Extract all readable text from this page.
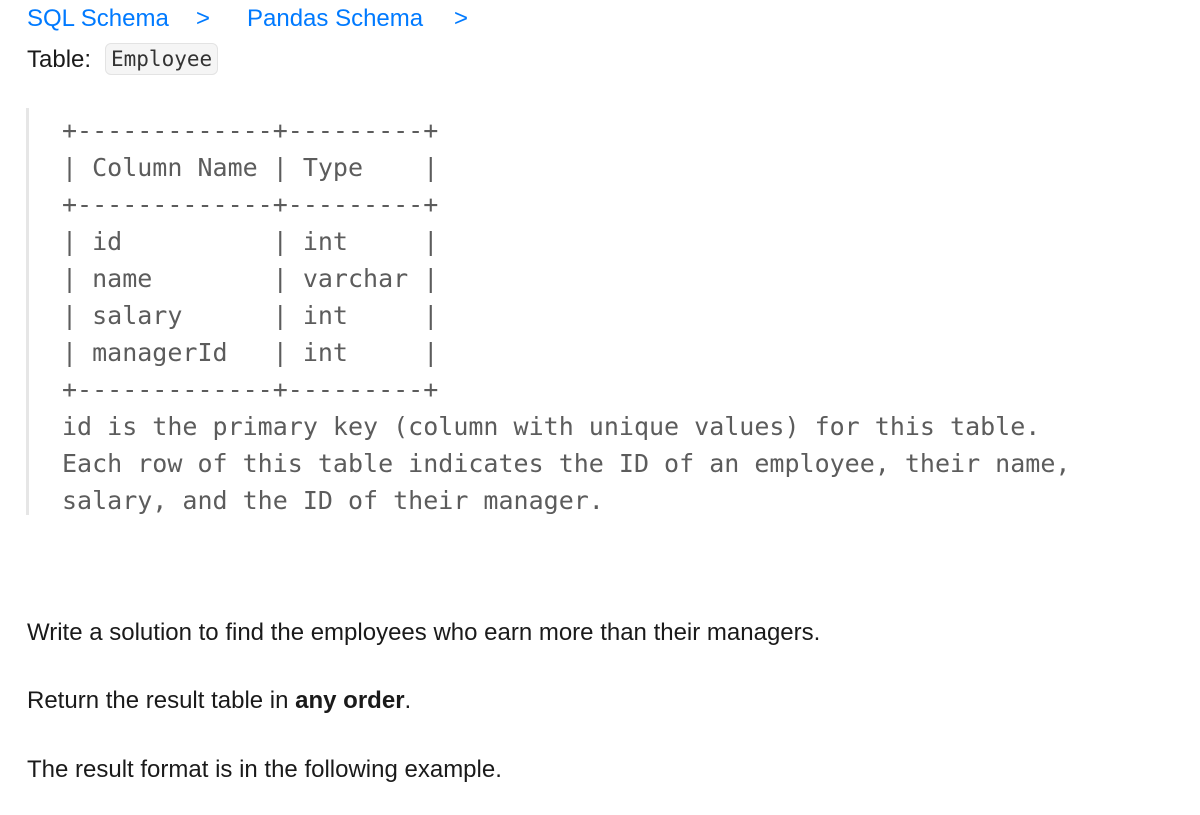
SQL Schema > Pandas Schema >
Table: Employee
+-------------+---------+
| Column Name | Type    |
+-------------+---------+
| id          | int     |
| name        | varchar |
| salary      | int     |
| managerId   | int     |
+-------------+---------+
id is the primary key (column with unique values) for this table.
Each row of this table indicates the ID of an employee, their name,
salary, and the ID of their manager.
Write a solution to find the employees who earn more than their managers.
Return the result table in any order.
The result format is in the following example.
